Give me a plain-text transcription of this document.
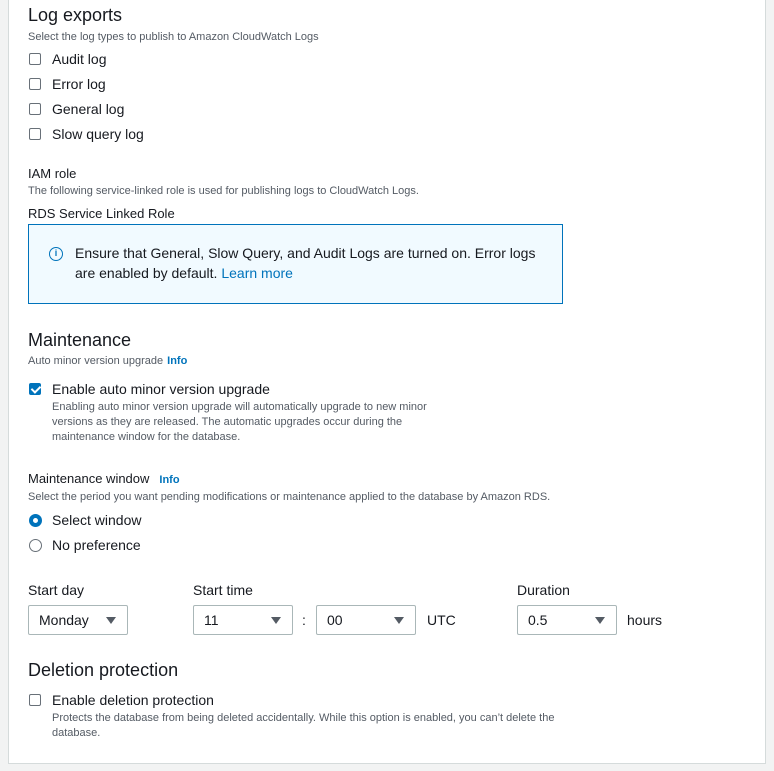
Log exports
Select the log types to publish to Amazon CloudWatch Logs
Audit log
Error log
General log
Slow query log
IAM role
The following service-linked role is used for publishing logs to CloudWatch Logs.
RDS Service Linked Role
i	Ensure that General, Slow Query, and Audit Logs are turned on. Error logs are enabled by default. Learn more
Maintenance
Auto minor version upgrade Info
Enable auto minor version upgrade
Enabling auto minor version upgrade will automatically upgrade to new minor versions as they are released. The automatic upgrades occur during the maintenance window for the database.
Maintenance window Info
Select the period you want pending modifications or maintenance applied to the database by Amazon RDS.
Select window
No preference
Start day
Monday
Start time
11	: 00	UTC
Duration
0.5	hours
Deletion protection
Enable deletion protection
Protects the database from being deleted accidentally. While this option is enabled, you can’t delete the database.
